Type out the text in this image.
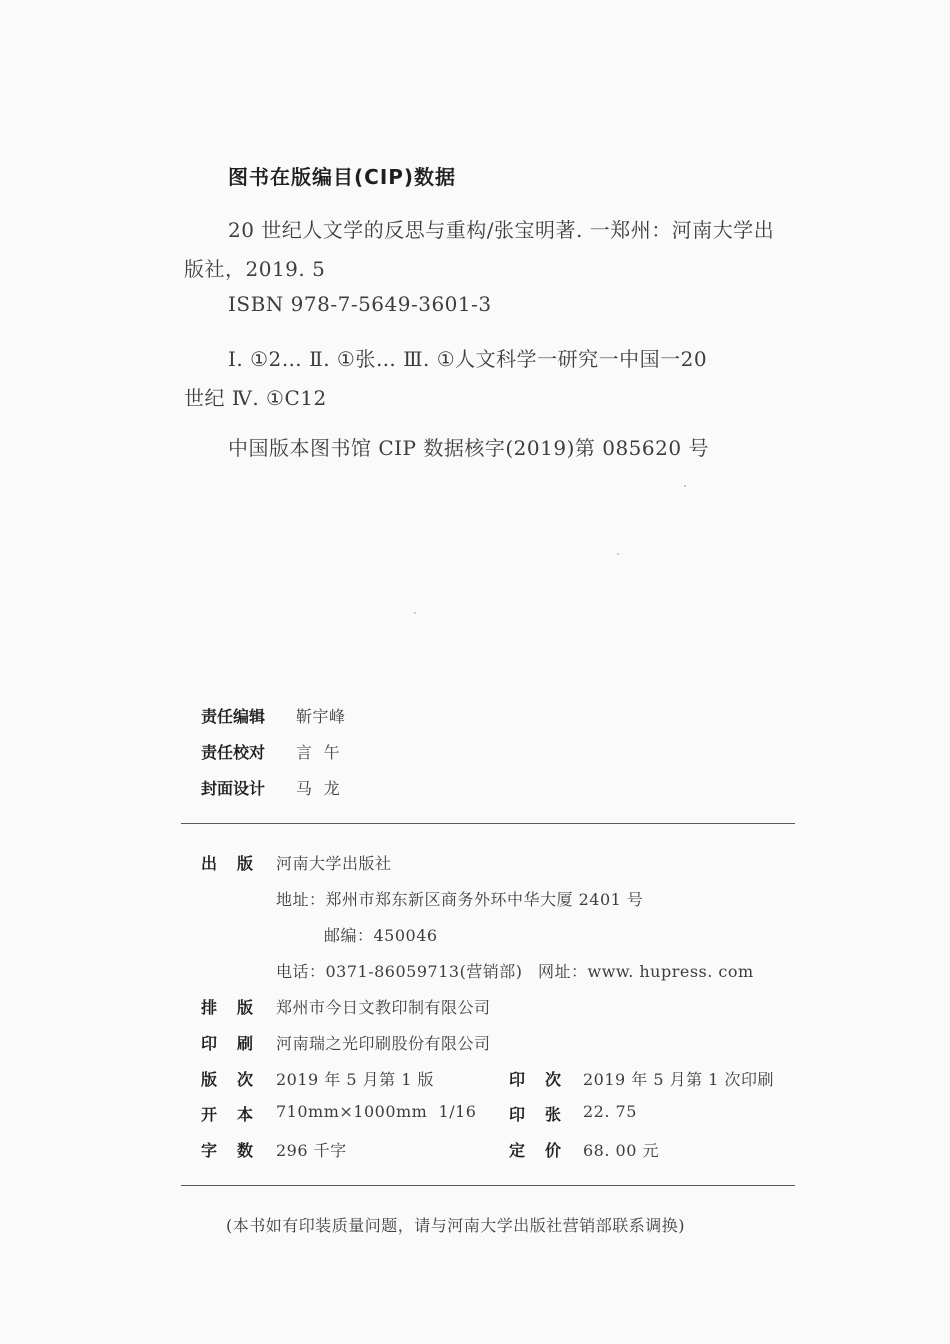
图书在版编目(CIP)数据
20 世纪人文学的反思与重构/张宝明著. 一郑州：河南大学出
版社，2019. 5
ISBN 978-7-5649-3601-3
Ⅰ. ①2… Ⅱ. ①张… Ⅲ. ①人文科学一研究一中国一20
世纪 Ⅳ. ①C12
中国版本图书馆 CIP 数据核字(2019)第 085620 号
责任编辑 靳宇峰
责任校对 言  午
封面设计 马  龙
出版 河南大学出版社
地址：郑州市郑东新区商务外环中华大厦 2401 号
邮编：450046
电话：0371-86059713(营销部) 网址：www. hupress. com
排版 郑州市今日文教印制有限公司
印刷 河南瑞之光印刷股份有限公司
版次 2019 年 5 月第 1 版	印次 2019 年 5 月第 1 次印刷
开本 710mm×1000mm  1/16 印张 22. 75
字数 296 千字	定价 68. 00 元
(本书如有印装质量问题，请与河南大学出版社营销部联系调换)
